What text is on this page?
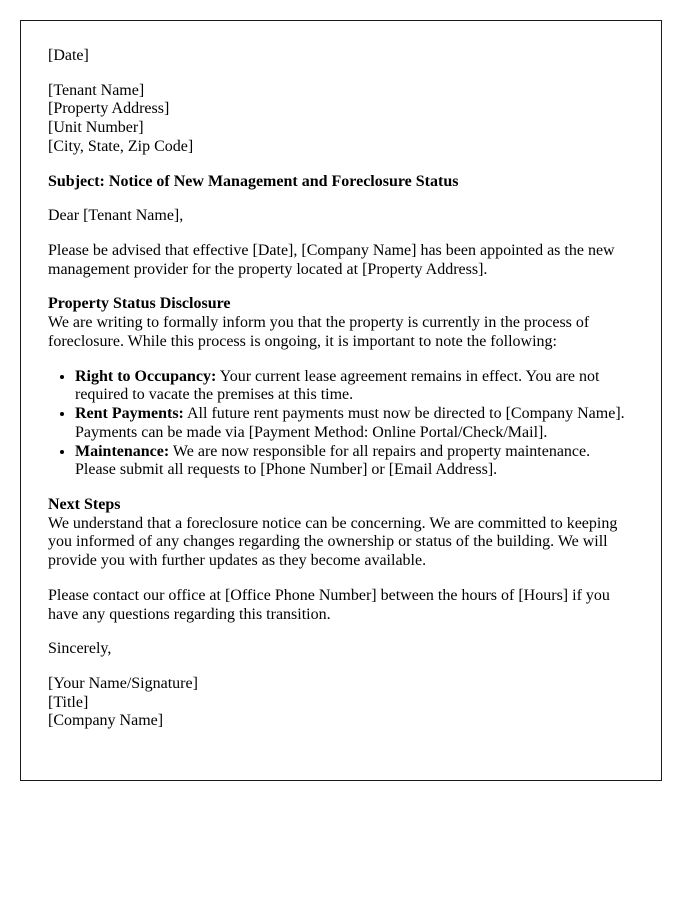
[Date]

[Tenant Name]
[Property Address]
[Unit Number]
[City, State, Zip Code]

Subject: Notice of New Management and Foreclosure Status

Dear [Tenant Name],

Please be advised that effective [Date], [Company Name] has been appointed as the new management provider for the property located at [Property Address].

Property Status Disclosure
We are writing to formally inform you that the property is currently in the process of foreclosure. While this process is ongoing, it is important to note the following:

• Right to Occupancy: Your current lease agreement remains in effect. You are not required to vacate the premises at this time.
• Rent Payments: All future rent payments must now be directed to [Company Name]. Payments can be made via [Payment Method: Online Portal/Check/Mail].
• Maintenance: We are now responsible for all repairs and property maintenance. Please submit all requests to [Phone Number] or [Email Address].

Next Steps
We understand that a foreclosure notice can be concerning. We are committed to keeping you informed of any changes regarding the ownership or status of the building. We will provide you with further updates as they become available.

Please contact our office at [Office Phone Number] between the hours of [Hours] if you have any questions regarding this transition.

Sincerely,

[Your Name/Signature]
[Title]
[Company Name]
